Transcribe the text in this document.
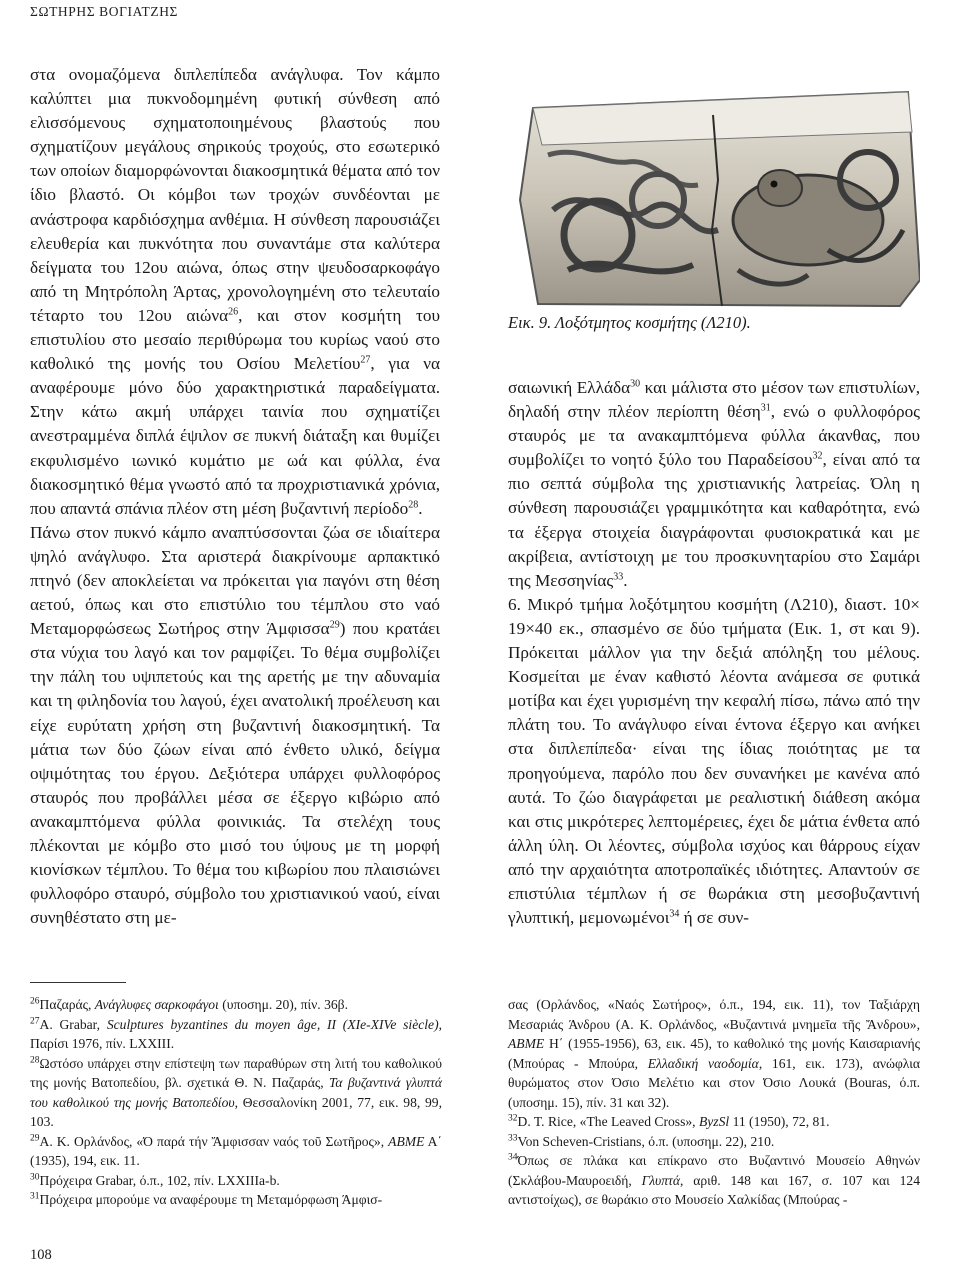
ΣΩΤΗΡΗΣ ΒΟΓΙΑΤΖΗΣ

στα ονομαζόμενα διπλεπίπεδα ανάγλυφα. Τον κάμπο καλύπτει μια πυκνοδομημένη φυτική σύνθεση από ελισσόμενους σχηματοποιημένους βλαστούς που σχηματίζουν μεγάλους σηρικούς τροχούς, στο εσωτερικό των οποίων διαμορφώνονται διακοσμητικά θέματα από τον ίδιο βλαστό. Οι κόμβοι των τροχών συνδέονται με ανάστροφα καρδιόσχημα ανθέμια. Η σύνθεση παρουσιάζει ελευθερία και πυκνότητα που συναντάμε στα καλύτερα δείγματα του 12ου αιώνα, όπως στην ψευδοσαρκοφάγο από τη Μητρόπολη Άρτας, χρονολογημένη στο τελευταίο τέταρτο του 12ου αιώνα$^{26}$, και στον κοσμήτη του επιστυλίου στο μεσαίο περιθύρωμα του κυρίως ναού στο καθολικό της μονής του Οσίου Μελετίου$^{27}$, για να αναφέρουμε μόνο δύο χαρακτηριστικά παραδείγματα. Στην κάτω ακμή υπάρχει ταινία που σχηματίζει ανεστραμμένα διπλά έψιλον σε πυκνή διάταξη και θυμίζει εκφυλισμένο ιωνικό κυμάτιο με ωά και φύλλα, ένα διακοσμητικό θέμα γνωστό από τα προχριστιανικά χρόνια, που απαντά σπάνια πλέον στη μέση βυζαντινή περίοδο$^{28}$.

Πάνω στον πυκνό κάμπο αναπτύσσονται ζώα σε ιδιαίτερα ψηλό ανάγλυφο. Στα αριστερά διακρίνουμε αρπακτικό πτηνό (δεν αποκλείεται να πρόκειται για παγόνι στη θέση αετού, όπως και στο επιστύλιο του τέμπλου στο ναό Μεταμορφώσεως Σωτήρος στην Άμφισσα$^{29}$) που κρατάει στα νύχια του λαγό και τον ραμφίζει. Το θέμα συμβολίζει την πάλη του υψιπετούς και της αρετής με την αδυναμία και τη φιληδονία του λαγού, έχει ανατολική προέλευση και είχε ευρύτατη χρήση στη βυζαντινή διακοσμητική. Τα μάτια των δύο ζώων είναι από ένθετο υλικό, δείγμα οψιμότητας του έργου. Δεξιότερα υπάρχει φυλλοφόρος σταυρός που προβάλλει μέσα σε έξεργο κιβώριο από ανακαμπτόμενα φύλλα φοινικιάς. Τα στελέχη τους πλέκονται με κόμβο στο μισό του ύψους με τη μορφή κιονίσκων τέμπλου. Το θέμα του κιβωρίου που πλαισιώνει φυλλοφόρο σταυρό, σύμβολο του χριστιανικού ναού, είναι συνηθέστατο στη με-

Εικ. 9. Λοξότμητος κοσμήτης (Λ210).

σαιωνική Ελλάδα$^{30}$ και μάλιστα στο μέσον των επιστυλίων, δηλαδή στην πλέον περίοπτη θέση$^{31}$, ενώ ο φυλλοφόρος σταυρός με τα ανακαμπτόμενα φύλλα άκανθας, που συμβολίζει το νοητό ξύλο του Παραδείσου$^{32}$, είναι από τα πιο σεπτά σύμβολα της χριστιανικής λατρείας. Όλη η σύνθεση παρουσιάζει γραμμικότητα και καθαρότητα, ενώ τα έξεργα στοιχεία διαγράφονται φυσιοκρατικά και με ακρίβεια, αντίστοιχη με του προσκυνηταρίου στο Σαμάρι της Μεσσηνίας$^{33}$.

6. Μικρό τμήμα λοξότμητου κοσμήτη (Λ210), διαστ. 10× 19×40 εκ., σπασμένο σε δύο τμήματα (Εικ. 1, στ και 9). Πρόκειται μάλλον για την δεξιά απόληξη του μέλους. Κοσμείται με έναν καθιστό λέοντα ανάμεσα σε φυτικά μοτίβα και έχει γυρισμένη την κεφαλή πίσω, πάνω από την πλάτη του. Το ανάγλυφο είναι έντονα έξεργο και ανήκει στα διπλεπίπεδα· είναι της ίδιας ποιότητας με τα προηγούμενα, παρόλο που δεν συνανήκει με κανένα από αυτά. Το ζώο διαγράφεται με ρεαλιστική διάθεση ακόμα και στις μικρότερες λεπτομέρειες, έχει δε μάτια ένθετα από άλλη ύλη. Οι λέοντες, σύμβολα ισχύος και θάρρους είχαν από την αρχαιότητα αποτροπαϊκές ιδιότητες. Απαντούν σε επιστύλια τέμπλων ή σε θωράκια στη μεσοβυζαντινή γλυπτική, μεμονωμένοι$^{34}$ ή σε συν-

$^{26}$Παζαράς, Ανάγλυφες σαρκοφάγοι (υποσημ. 20), πίν. 36β.

$^{27}$A. Grabar, Sculptures byzantines du moyen âge, II (XIe-XIVe siècle), Παρίσι 1976, πίν. LXXIII.

$^{28}$Ωστόσο υπάρχει στην επίστεψη των παραθύρων στη λιτή του καθολικού της μονής Βατοπεδίου, βλ. σχετικά Θ. Ν. Παζαράς, Τα βυζαντινά γλυπτά του καθολικού της μονής Βατοπεδίου, Θεσσαλονίκη 2001, 77, εικ. 98, 99, 103.

$^{29}$Α. Κ. Ορλάνδος, «Ό παρά τήν Ἄμφισσαν ναός τοῦ Σωτῆρος», ΑΒΜΕ Α΄ (1935), 194, εικ. 11.

$^{30}$Πρόχειρα Grabar, ό.π., 102, πίν. LXXIIIa-b.

$^{31}$Πρόχειρα μπορούμε να αναφέρουμε τη Μεταμόρφωση Άμφισ-

σας (Ορλάνδος, «Ναός Σωτήρος», ό.π., 194, εικ. 11), τον Ταξιάρχη Μεσαριάς Άνδρου (Α. Κ. Ορλάνδος, «Βυζαντινά μνημεῖα τῆς Ἄνδρου», ΑΒΜΕ Η΄ (1955-1956), 63, εικ. 45), το καθολικό της μονής Καισαριανής (Μπούρας - Μπούρα, Ελλαδική ναοδομία, 161, εικ. 173), ανώφλια θυρώματος στον Όσιο Μελέτιο και στον Όσιο Λουκά (Bouras, ό.π. (υποσημ. 15), πίν. 31 και 32).

$^{32}$D. T. Rice, «The Leaved Cross», ByzSl 11 (1950), 72, 81.

$^{33}$Von Scheven-Cristians, ό.π. (υποσημ. 22), 210.

$^{34}$Όπως σε πλάκα και επίκρανο στο Βυζαντινό Μουσείο Αθηνών (Σκλάβου-Μαυροειδή, Γλυπτά, αριθ. 148 και 167, σ. 107 και 124 αντιστοίχως), σε θωράκιο στο Μουσείο Χαλκίδας (Μπούρας -

108
